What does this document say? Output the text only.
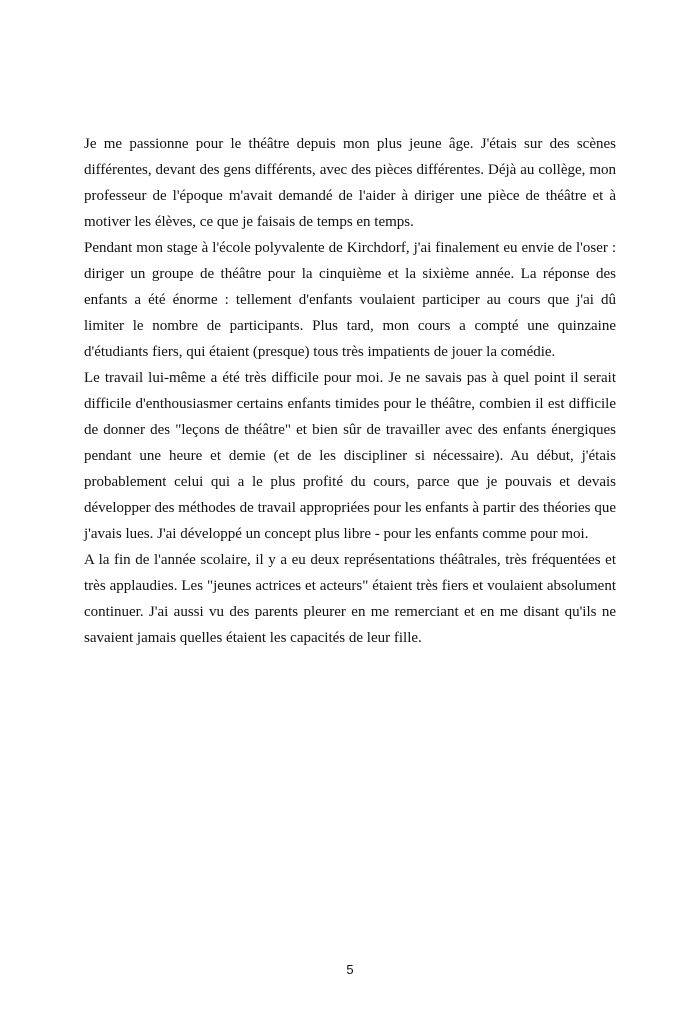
Je me passionne pour le théâtre depuis mon plus jeune âge. J'étais sur des scènes différentes, devant des gens différents, avec des pièces différentes. Déjà au collège, mon professeur de l'époque m'avait demandé de l'aider à diriger une pièce de théâtre et à motiver les élèves, ce que je faisais de temps en temps.

Pendant mon stage à l'école polyvalente de Kirchdorf, j'ai finalement eu envie de l'oser : diriger un groupe de théâtre pour la cinquième et la sixième année. La réponse des enfants a été énorme : tellement d'enfants voulaient participer au cours que j'ai dû limiter le nombre de participants. Plus tard, mon cours a compté une quinzaine d'étudiants fiers, qui étaient (presque) tous très impatients de jouer la comédie.

Le travail lui-même a été très difficile pour moi. Je ne savais pas à quel point il serait difficile d'enthousiasmer certains enfants timides pour le théâtre, combien il est difficile de donner des "leçons de théâtre" et bien sûr de travailler avec des enfants énergiques pendant une heure et demie (et de les discipliner si nécessaire). Au début, j'étais probablement celui qui a le plus profité du cours, parce que je pouvais et devais développer des méthodes de travail appropriées pour les enfants à partir des théories que j'avais lues. J'ai développé un concept plus libre - pour les enfants comme pour moi.

A la fin de l'année scolaire, il y a eu deux représentations théâtrales, très fréquentées et très applaudies. Les "jeunes actrices et acteurs" étaient très fiers et voulaient absolument continuer. J'ai aussi vu des parents pleurer en me remerciant et en me disant qu'ils ne savaient jamais quelles étaient les capacités de leur fille.

5
